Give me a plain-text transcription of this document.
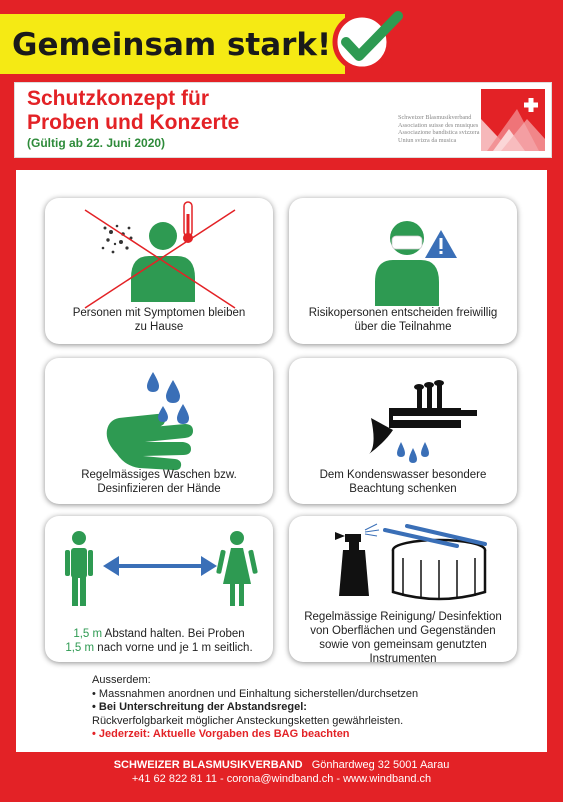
Gemeinsam stark!
Schutzkonzept für
Proben und Konzerte
(Gültig ab 22. Juni 2020)
Schweizer Blasmusikverband
Association suisse des musiques
Associazione bandistica svizzera
Uniun svizra da musica
Personen mit Symptomen bleiben
zu Hause
Risikopersonen entscheiden freiwillig
über die Teilnahme
Regelmässiges Waschen bzw.
Desinfizieren der Hände
Dem Kondenswasser besondere
Beachtung schenken
1,5 m Abstand halten. Bei Proben
1,5 m nach vorne und je 1 m seitlich.
Regelmässige Reinigung/ Desinfektion
von Oberflächen und Gegenständen
sowie von gemeinsam genutzten
Instrumenten

Ausserdem:

• Massnahmen anordnen und Einhaltung sicherstellen/durchsetzen

• Bei Unterschreitung der Abstandsregel:

Rückverfolgbarkeit möglicher Ansteckungsketten gewährleisten.

• Jederzeit: Aktuelle Vorgaben des BAG beachten

SCHWEIZER BLASMUSIKVERBAND Gönhardweg 32 5001 Aarau
+41 62 822 81 11 - corona@windband.ch - www.windband.ch
